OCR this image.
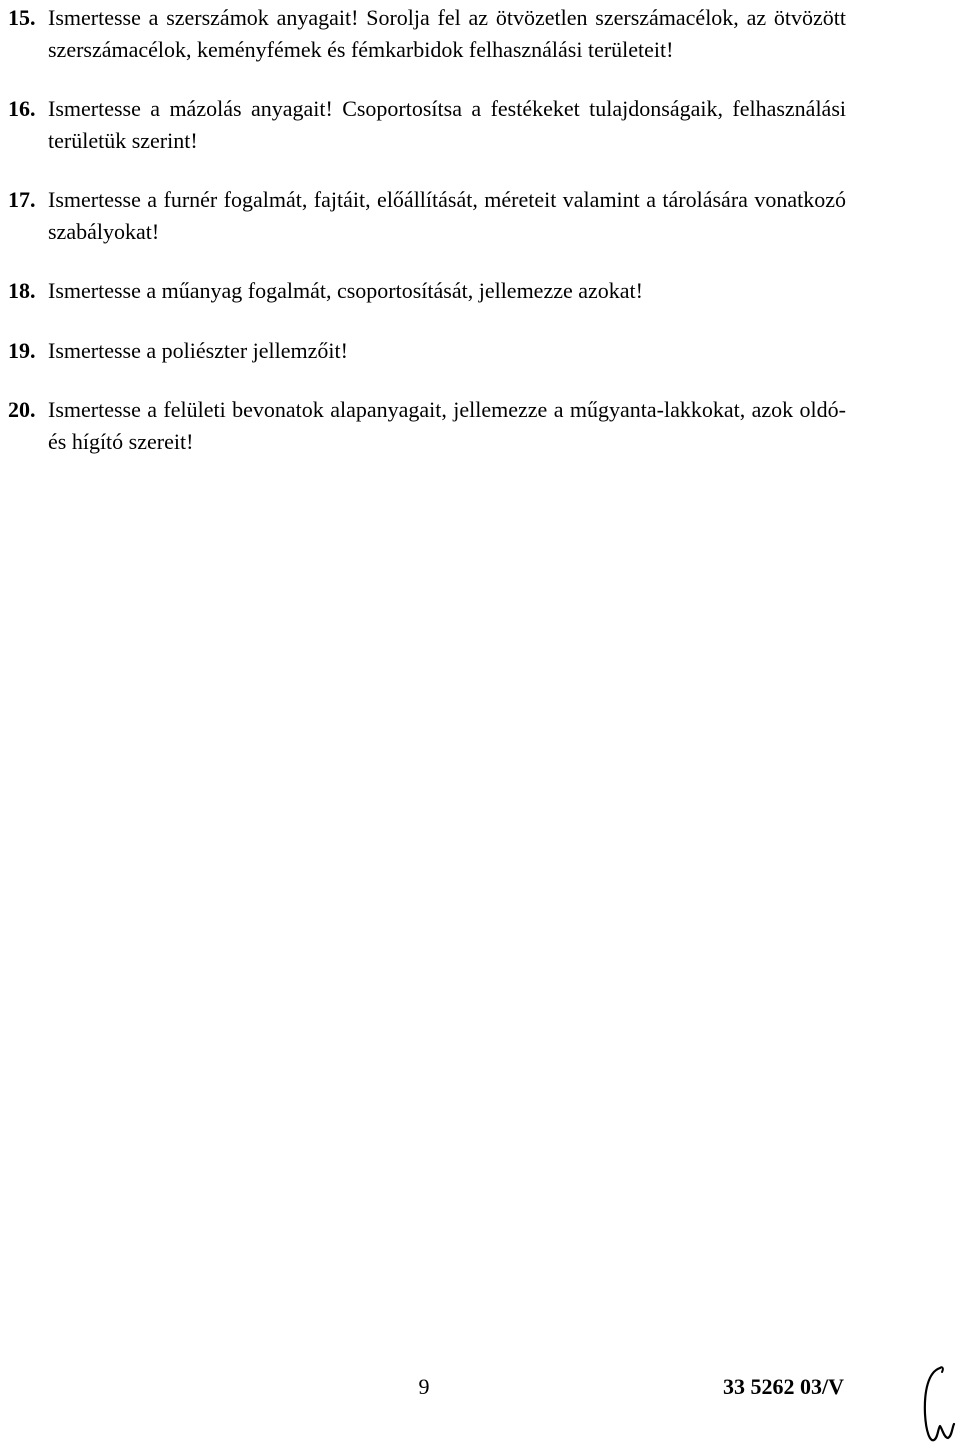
15. Ismertesse a szerszámok anyagait! Sorolja fel az ötvözetlen szerszámacélok, az ötvözött szerszámacélok, keményfémek és fémkarbidok felhasználási területeit!
16. Ismertesse a mázolás anyagait! Csoportosítsa a festékeket tulajdonságaik, felhasználási területük szerint!
17. Ismertesse a furnér fogalmát, fajtáit, előállítását, méreteit valamint a tárolására vonatkozó szabályokat!
18. Ismertesse a műanyag fogalmát, csoportosítását, jellemezze azokat!
19. Ismertesse a poliészter jellemzőit!
20. Ismertesse a felületi bevonatok alapanyagait, jellemezze a műgyanta-lakkokat, azok oldó- és hígító szereit!
9	33 5262 03/V
